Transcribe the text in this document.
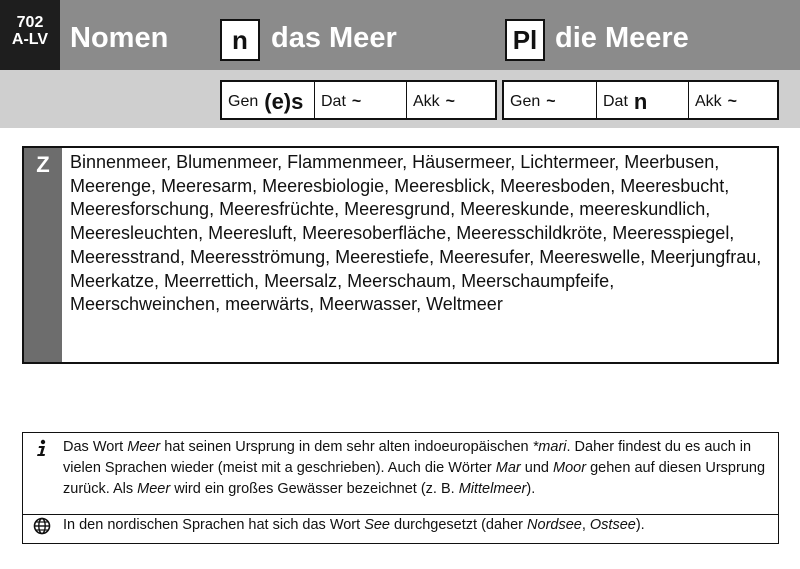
702
A-LV Nomen	n das Meer	Pl die Meere
Gen (e)s Dat ~	Akk ~	Gen ~	Dat n	Akk ~
Z	Binnenmeer, Blumenmeer, Flammenmeer, Häusermeer, Lichtermeer, Meerbusen, Meerenge, Meeresarm, Meeresbiologie, Meeresblick, Meeresboden, Meeresbucht, Meeresforschung, Meeresfrüchte, Meeresgrund, Meereskunde, meereskundlich, Meeresleuchten, Meeresluft, Meeresoberfläche, Meeresschildkröte, Meeresspiegel, Meeresstrand, Meeresströmung, Meerestiefe, Meeresufer, Meereswelle, Meerjungfrau, Meerkatze, Meerrettich, Meersalz, Meerschaum, Meerschaumpfeife, Meerschweinchen, meerwärts, Meerwasser, Weltmeer
Das Wort Meer hat seinen Ursprung in dem sehr alten indoeuropäischen *mari. Daher findest du es auch in vielen Sprachen wieder (meist mit a geschrieben). Auch die Wörter Mar und Moor gehen auf diesen Ursprung zurück. Als Meer wird ein großes Gewässer bezeichnet (z. B. Mittelmeer).
In den nordischen Sprachen hat sich das Wort See durchgesetzt (daher Nordsee, Ostsee).
